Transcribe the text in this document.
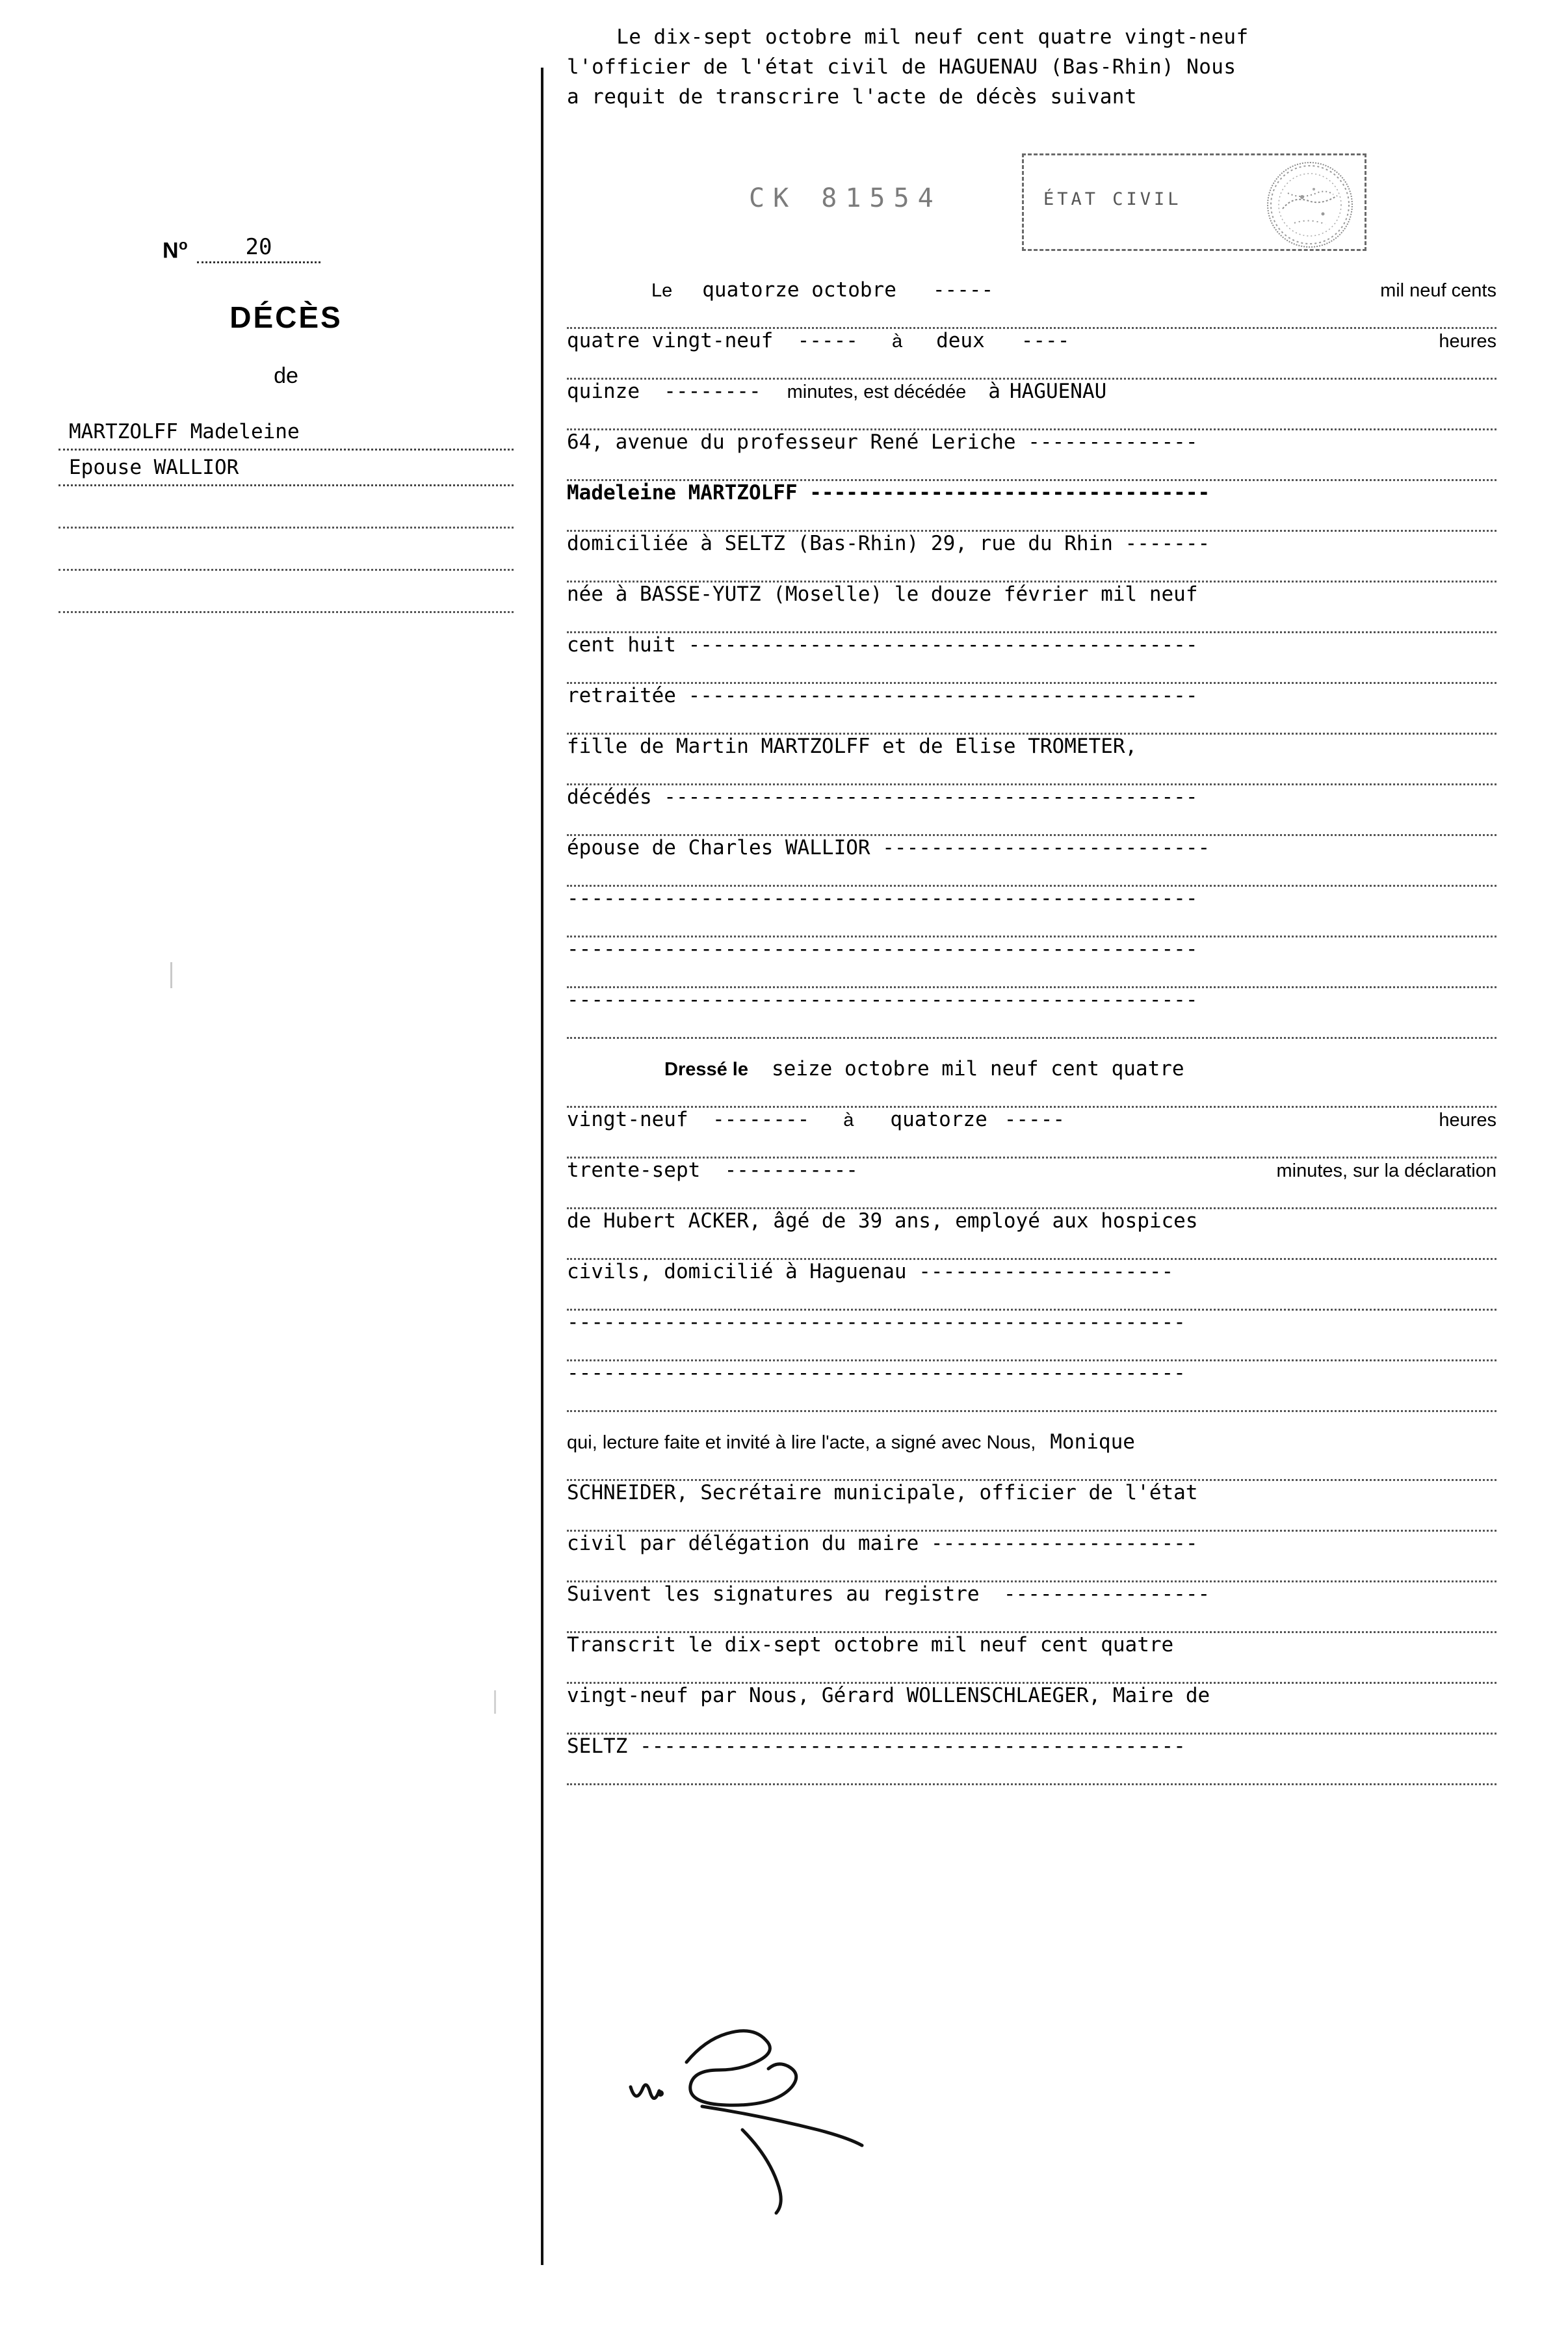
$N^o$	20
DÉCÈS
de
MARTZOLFF Madeleine
Epouse WALLIOR
Le dix-sept octobre mil neuf cent quatre vingt-neuf
l'officier de l'état civil de HAGUENAU (Bas-Rhin) Nous
a requit de transcrire l'acte de décès suivant
CK 81554	ÉTAT CIVIL
Le	quatorze octobre   -----	mil neuf cents
quatre vingt-neuf  -----	à	deux   ----	heures
quinze  --------	minutes, est décédée	à HAGUENAU
64, avenue du professeur René Leriche --------------
Madeleine MARTZOLFF ---------------------------------
domiciliée à SELTZ (Bas-Rhin) 29, rue du Rhin -------
née à BASSE-YUTZ (Moselle) le douze février mil neuf
cent huit ------------------------------------------
retraitée ------------------------------------------
fille de Martin MARTZOLFF et de Elise TROMETER,
décédés --------------------------------------------
épouse de Charles WALLIOR ---------------------------
----------------------------------------------------
----------------------------------------------------
----------------------------------------------------
Dressé le	seize octobre mil neuf cent quatre
vingt-neuf  --------	à	quatorze -----	heures
trente-sept  -----------	minutes, sur la déclaration
de Hubert ACKER, âgé de 39 ans, employé aux hospices
civils, domicilié à Haguenau ---------------------
---------------------------------------------------
---------------------------------------------------
qui, lecture faite et invité à lire l'acte, a signé avec Nous, Monique
SCHNEIDER, Secrétaire municipale, officier de l'état
civil par délégation du maire ----------------------
Suivent les signatures au registre  -----------------
Transcrit le dix-sept octobre mil neuf cent quatre
vingt-neuf par Nous, Gérard WOLLENSCHLAEGER, Maire de
SELTZ ---------------------------------------------
